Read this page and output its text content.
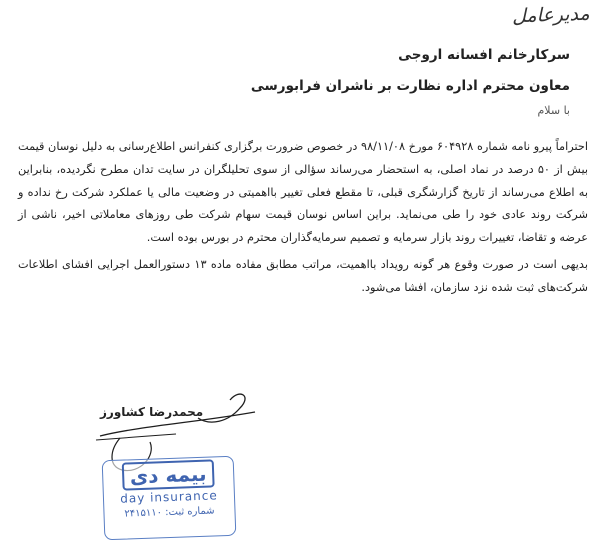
مدیرعامل
سرکارخانم افسانه اروجی
معاون محترم اداره نظارت بر ناشران فرابورسی
با سلام

احتراماً پیرو نامه شماره ۶۰۴۹۲۸ مورخ ۹۸/۱۱/۰۸ در خصوص ضرورت برگزاری کنفرانس اطلاع‌رسانی به دلیل نوسان قیمت بیش از ۵۰ درصد در نماد اصلی، به استحضار می‌رساند سؤالی از سوی تحلیلگران در سایت تدان مطرح نگردیده، بنابراین به اطلاع می‌رساند از تاریخ گزارشگری قبلی، تا مقطع فعلی تغییر بااهمیتی در وضعیت مالی یا عملکرد شرکت رخ نداده و شرکت روند عادی خود را طی می‌نماید. براین اساس نوسان قیمت سهام شرکت طی روزهای معاملاتی اخیر، ناشی از عرضه و تقاضا، تغییرات روند بازار سرمایه و تصمیم سرمایه‌گذاران محترم در بورس بوده است.

بدیهی است در صورت وقوع هر گونه رویداد بااهمیت، مراتب مطابق مفاده ماده ۱۳ دستورالعمل اجرایی افشای اطلاعات شرکت‌های ثبت شده نزد سازمان، افشا می‌شود.

محمدرضا کشاورز
بیمه دی
day insurance
شماره ثبت: ۲۴۱۵۱۱۰
